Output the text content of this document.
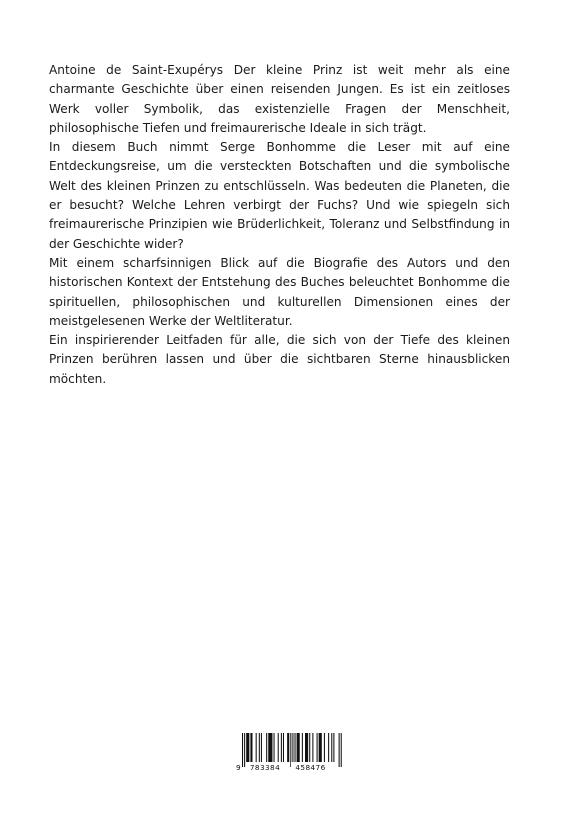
Antoine de Saint-Exupérys Der kleine Prinz ist weit mehr als eine charmante Geschichte über einen reisenden Jungen. Es ist ein zeitloses Werk voller Symbolik, das existenzielle Fragen der Menschheit, philosophische Tiefen und freimaurerische Ideale in sich trägt.

In diesem Buch nimmt Serge Bonhomme die Leser mit auf eine Entdeckungsreise, um die versteckten Botschaften und die symbolische Welt des kleinen Prinzen zu entschlüsseln. Was bedeuten die Planeten, die er besucht? Welche Lehren verbirgt der Fuchs? Und wie spiegeln sich freimaurerische Prinzipien wie Brüderlichkeit, Toleranz und Selbstfindung in der Geschichte wider?

Mit einem scharfsinnigen Blick auf die Biografie des Autors und den historischen Kontext der Entstehung des Buches beleuchtet Bonhomme die spirituellen, philosophischen und kulturellen Dimensionen eines der meistgelesenen Werke der Weltliteratur.

Ein inspirierender Leitfaden für alle, die sich von der Tiefe des kleinen Prinzen berühren lassen und über die sichtbaren Sterne hinausblicken möchten.

9	783384	458476
